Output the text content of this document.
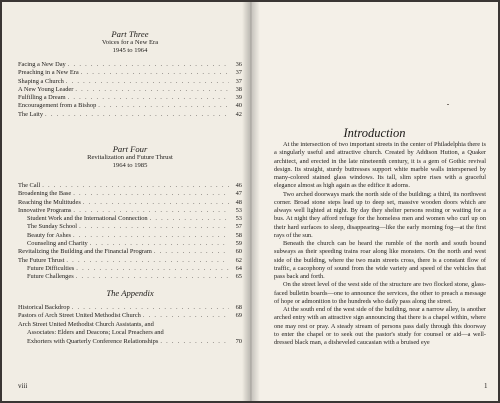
Part Three
Voices for a New Era
1945 to 1964
Facing a New Day . . .	36
Preaching in a New Era . . .	37
Shaping a Church . . .	37
A New Young Leader . . .	38
Fulfilling a Dream . . .	39
Encouragement from a Bishop . . .	40
The Laity . . .	42
Part Four
Revitalization and Future Thrust
1964 to 1985
The Call . . .	46
Broadening the Base . . .	47
Reaching the Multitudes . . .	48
Innovative Programs . . .	53
Student Work and the International Connection . . .	53
The Sunday School . . .	57
Beauty for Ashes . . .	58
Counseling and Charity . . .	59
Revitalizing the Building and the Financial Program . . .	60
The Future Thrust . . .	62
Future Difficulties . . .	64
Future Challenges . . .	65
The Appendix
Historical Backdrop . . .	68
Pastors of Arch Street United Methodist Church . . .	69
Arch Street United Methodist Church Assistants, and
Associates: Elders and Deacons; Local Preachers and
Exhorters with Quarterly Conference Relationships . . .	70
viii
Introduction

At the intersection of two important streets in the center of Philadelphia there is a singularly useful and attractive church. Created by Addison Hutton, a Quaker architect, and erected in the late nineteenth century, it is a gem of Gothic revival design. Its straight, sturdy buttresses support white marble walls interspersed by many-colored stained glass windows. Its tall, slim spire rises with a graceful elegance almost as high again as the edifice it adorns.

Two arched doorways mark the north side of the building; a third, its northwest corner. Broad stone steps lead up to deep set, massive wooden doors which are always well lighted at night. By day they shelter persons resting or waiting for a bus. At night they afford refuge for the homeless men and women who curl up on their hard surfaces to sleep, disappearing—like the early morning fog—at the first rays of the sun.

Beneath the church can be heard the rumble of the north and south bound subways as their speeding trains roar along like monsters. On the north and west side of the building, where the two main streets cross, there is a constant flow of traffic, a cacophony of sound from the wide variety and speed of the vehicles that pass back and forth.

On the street level of the west side of the structure are two flocked stone, glass-faced bulletin boards—one to announce the services, the other to preach a message of hope or admonition to the hundreds who daily pass along the street.

At the south end of the west side of the building, near a narrow alley, is another arched entry with an attractive sign announcing that there is a chapel within, where one may rest or pray. A steady stream of persons pass daily through this doorway to enter the chapel or to seek out the pastor's study for counsel or aid—a well-dressed black man, a disheveled caucasian with a bruised eye

1
